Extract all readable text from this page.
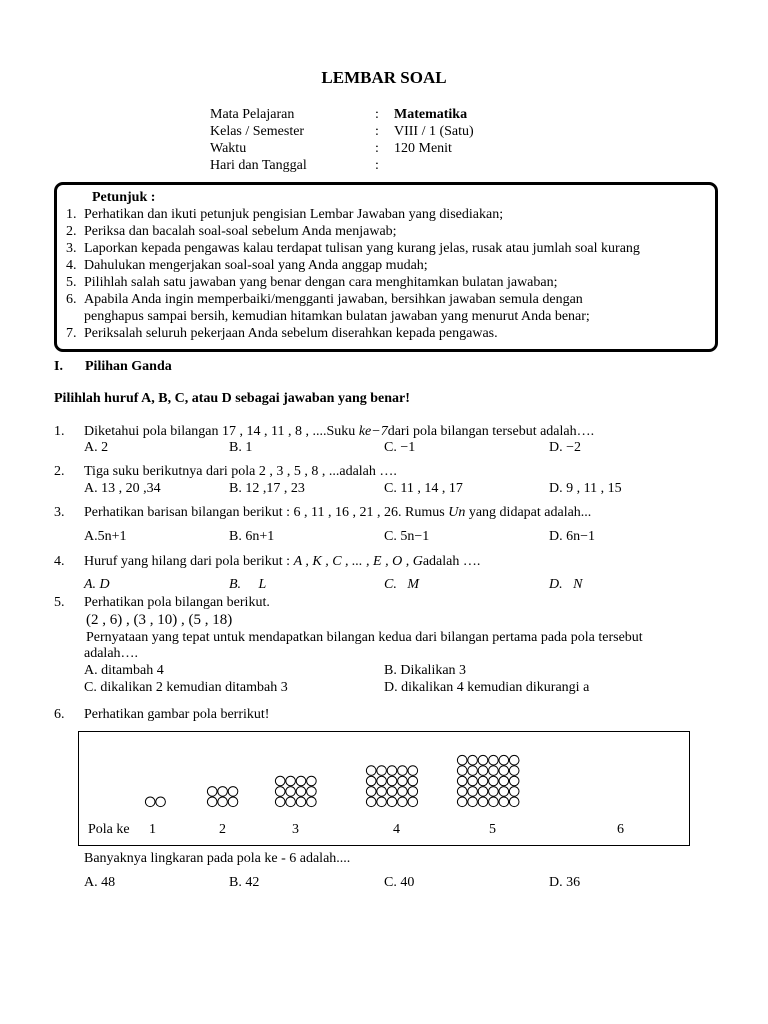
LEMBAR SOAL
Mata Pelajaran	: Matematika
Kelas / Semester	: VIII / 1 (Satu)
Waktu	: 120 Menit
Hari dan Tanggal	:
Petunjuk :
1. Perhatikan dan ikuti petunjuk pengisian Lembar Jawaban yang disediakan;
2. Periksa dan bacalah soal-soal sebelum Anda menjawab;
3. Laporkan kepada pengawas kalau terdapat tulisan yang kurang jelas, rusak atau jumlah soal kurang
4. Dahulukan mengerjakan soal-soal yang Anda anggap mudah;
5. Pilihlah salah satu jawaban yang benar dengan cara menghitamkan bulatan jawaban;
6. Apabila Anda ingin memperbaiki/mengganti jawaban, bersihkan jawaban semula dengan
penghapus sampai bersih, kemudian hitamkan bulatan jawaban yang menurut Anda benar;
7. Periksalah seluruh pekerjaan Anda sebelum diserahkan kepada pengawas.
I. Pilihan Ganda
Pilihlah huruf A, B, C, atau D sebagai jawaban yang benar!
1. Diketahui pola bilangan 17 , 14 , 11 , 8 , ....Suku ke−7dari pola bilangan tersebut adalah….
A. 2	B. 1	C. −1	D. −2
2. Tiga suku berikutnya dari pola 2 , 3 , 5 , 8 , ...adalah ….
A. 13 , 20 ,34	B. 12 ,17 , 23	C. 11 , 14 , 17	D. 9 , 11 , 15
3. Perhatikan barisan bilangan berikut : 6 , 11 , 16 , 21 , 26. Rumus Un yang didapat adalah...
A.5n+1	B. 6n+1	C. 5n−1	D. 6n−1
4. Huruf yang hilang dari pola berikut : A , K , C , ... , E , O , Gadalah ….
A. D	B.     L	C.   M	D.   N
5. Perhatikan pola bilangan berikut.
(2 , 6) , (3 , 10) , (5 , 18)
Pernyataan yang tepat untuk mendapatkan bilangan kedua dari bilangan pertama pada pola tersebut
adalah….
A. ditambah 4	B. Dikalikan 3
C. dikalikan 2 kemudian ditambah 3	D. dikalikan 4 kemudian dikurangi a
6. Perhatikan gambar pola berrikut!
Pola ke 1	2	3	4	5	6
Banyaknya lingkaran pada pola ke - 6 adalah....
A. 48	B. 42	C. 40	D. 36
